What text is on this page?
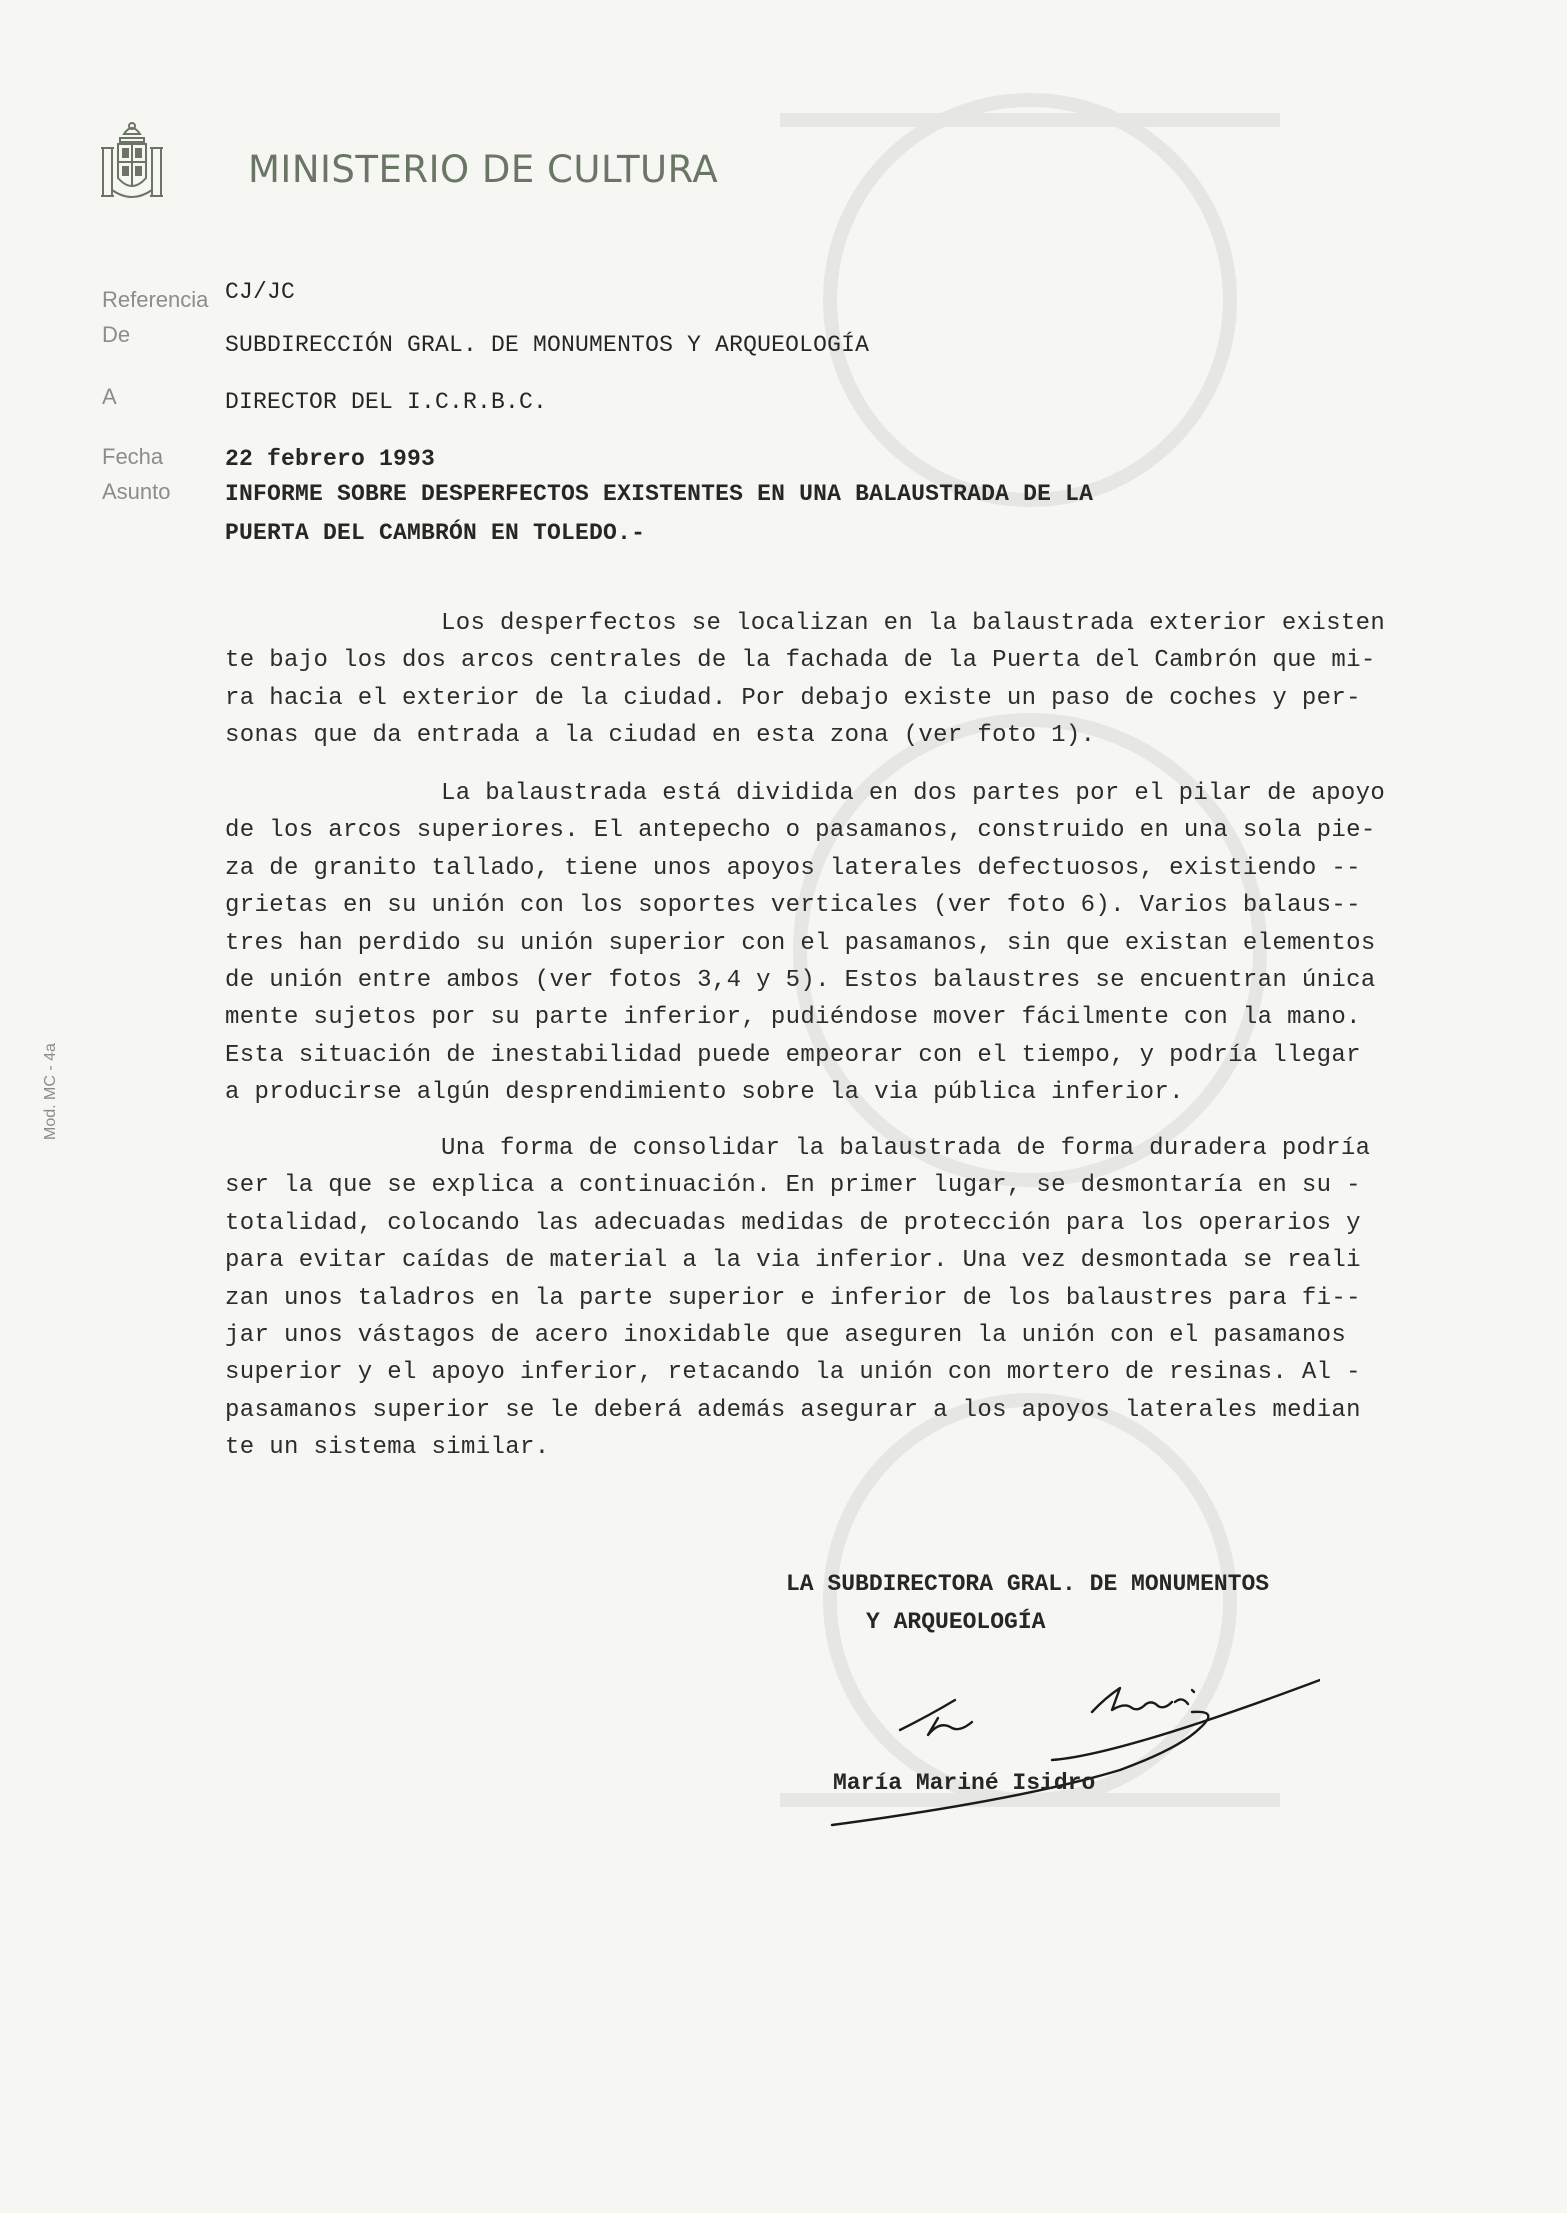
MINISTERIO DE CULTURA
Referencia
De
A
Fecha
Asunto
CJ/JC
SUBDIRECCIÓN GRAL. DE MONUMENTOS Y ARQUEOLOGÍA
DIRECTOR DEL I.C.R.B.C.
22 febrero 1993
INFORME SOBRE DESPERFECTOS EXISTENTES EN UNA BALAUSTRADA DE LA
PUERTA DEL CAMBRÓN EN TOLEDO.-
Mod. MC - 4a
Los desperfectos se localizan en la balaustrada exterior existen
te bajo los dos arcos centrales de la fachada de la Puerta del Cambrón que mi-
ra hacia el exterior de la ciudad. Por debajo existe un paso de coches y per-
sonas que da entrada a la ciudad en esta zona (ver foto 1).
La balaustrada está dividida en dos partes por el pilar de apoyo
de los arcos superiores. El antepecho o pasamanos, construido en una sola pie-
za de granito tallado, tiene unos apoyos laterales defectuosos, existiendo --
grietas en su unión con los soportes verticales (ver foto 6). Varios balaus--
tres han perdido su unión superior con el pasamanos, sin que existan elementos
de unión entre ambos (ver fotos 3,4 y 5). Estos balaustres se encuentran única
mente sujetos por su parte inferior, pudiéndose mover fácilmente con la mano.
Esta situación de inestabilidad puede empeorar con el tiempo, y podría llegar
a producirse algún desprendimiento sobre la via pública inferior.
Una forma de consolidar la balaustrada de forma duradera podría
ser la que se explica a continuación. En primer lugar, se desmontaría en su -
totalidad, colocando las adecuadas medidas de protección para los operarios y
para evitar caídas de material a la via inferior. Una vez desmontada se reali
zan unos taladros en la parte superior e inferior de los balaustres para fi--
jar unos vástagos de acero inoxidable que aseguren la unión con el pasamanos
superior y el apoyo inferior, retacando la unión con mortero de resinas. Al -
pasamanos superior se le deberá además asegurar a los apoyos laterales median
te un sistema similar.
LA SUBDIRECTORA GRAL. DE MONUMENTOS
Y ARQUEOLOGÍA
María Mariné Isidro
